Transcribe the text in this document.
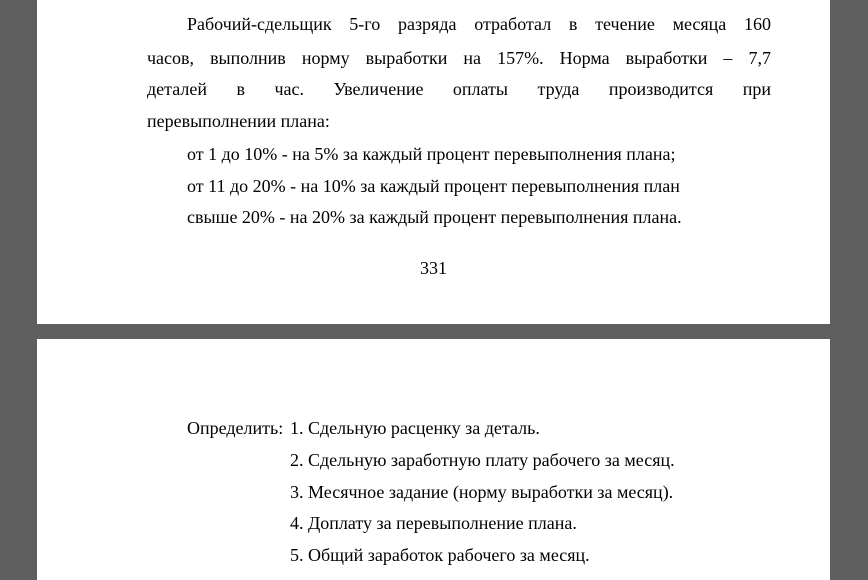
Рабочий-сдельщик 5-го разряда отработал в течение месяца 160
часов, выполнив норму выработки на 157%. Норма выработки – 7,7
деталей в час. Увеличение оплаты труда производится при
перевыполнении плана:
от 1 до 10% - на 5% за каждый процент перевыполнения плана;
от 11 до 20% - на 10% за каждый процент перевыполнения план
свыше 20% - на 20% за каждый процент перевыполнения плана.
331
Определить: 1. Сдельную расценку за деталь.
2. Сдельную заработную плату рабочего за месяц.
3. Месячное задание (норму выработки за месяц).
4. Доплату за перевыполнение плана.
5. Общий заработок рабочего за месяц.
